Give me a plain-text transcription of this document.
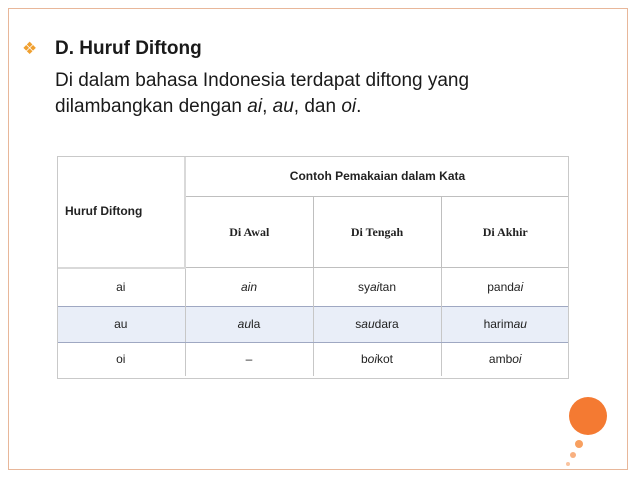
❖ D. Huruf Diftong
Di dalam bahasa Indonesia terdapat diftong yang
dilambangkan dengan ai, au, dan oi.
Huruf Diftong	Contoh Pemakaian dalam Kata		
	Di Awal	Di Tengah	Di Akhir
ai	ain	syaitan	pandai
au	aula	saudara	harimau
oi	–	boikot	amboi
